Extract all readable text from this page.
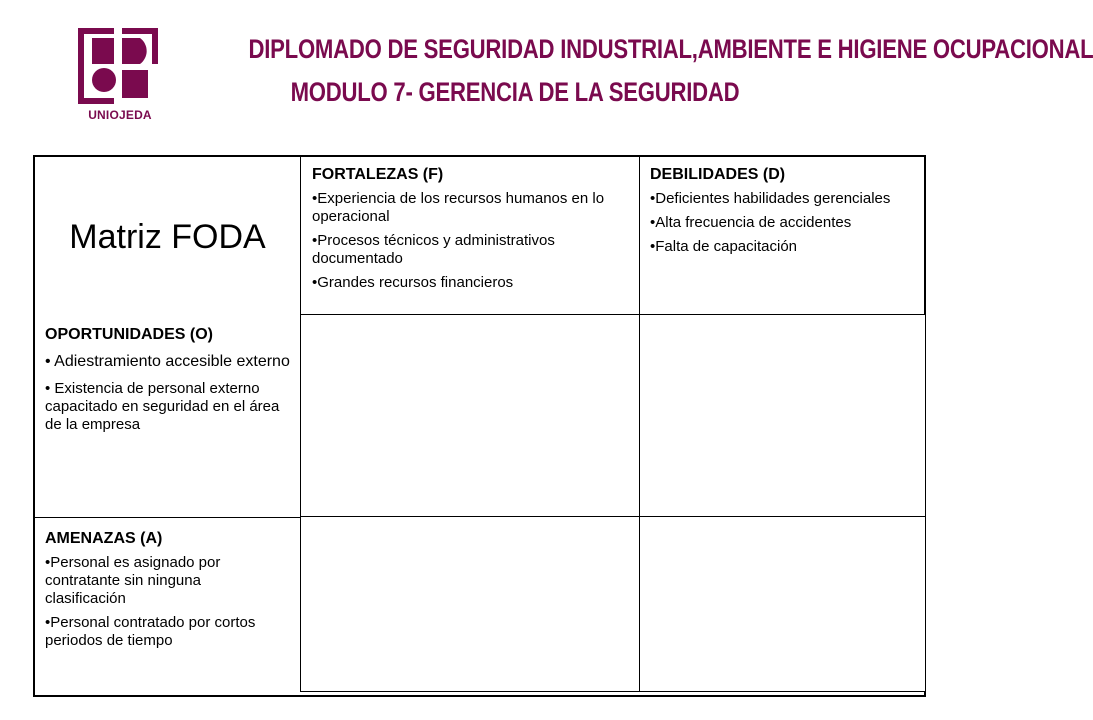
UNIOJEDA
DIPLOMADO DE SEGURIDAD INDUSTRIAL,AMBIENTE E HIGIENE OCUPACIONAL
MODULO 7- GERENCIA DE LA SEGURIDAD
Matriz FODA
FORTALEZAS (F)
•Experiencia de los recursos humanos en lo operacional
•Procesos técnicos y administrativos documentado
•Grandes recursos financieros
DEBILIDADES (D)
•Deficientes habilidades gerenciales
•Alta frecuencia de accidentes
•Falta de capacitación
OPORTUNIDADES (O)
• Adiestramiento accesible externo
• Existencia de personal externo capacitado en seguridad en el área de la empresa
AMENAZAS (A)
•Personal es asignado por contratante sin ninguna clasificación
•Personal contratado por cortos periodos de tiempo
